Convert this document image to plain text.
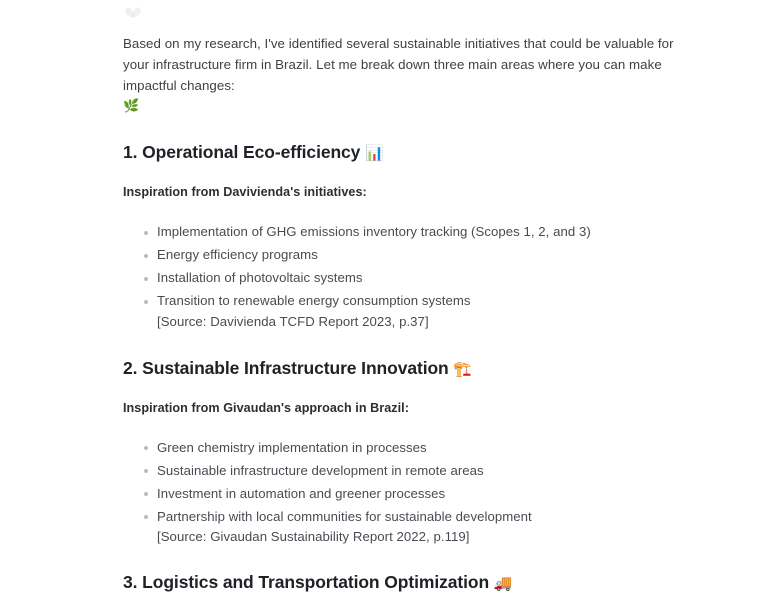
Based on my research, I've identified several sustainable initiatives that could be valuable for your infrastructure firm in Brazil. Let me break down three main areas where you can make impactful changes:

🌿
1. Operational Eco-efficiency 📊

Inspiration from Davivienda's initiatives:

Implementation of GHG emissions inventory tracking (Scopes 1, 2, and 3)
Energy efficiency programs
Installation of photovoltaic systems
Transition to renewable energy consumption systems
[Source: Davivienda TCFD Report 2023, p.37]
2. Sustainable Infrastructure Innovation 🏗️

Inspiration from Givaudan's approach in Brazil:

Green chemistry implementation in processes
Sustainable infrastructure development in remote areas
Investment in automation and greener processes
Partnership with local communities for sustainable development
[Source: Givaudan Sustainability Report 2022, p.119]
3. Logistics and Transportation Optimization 🚚
